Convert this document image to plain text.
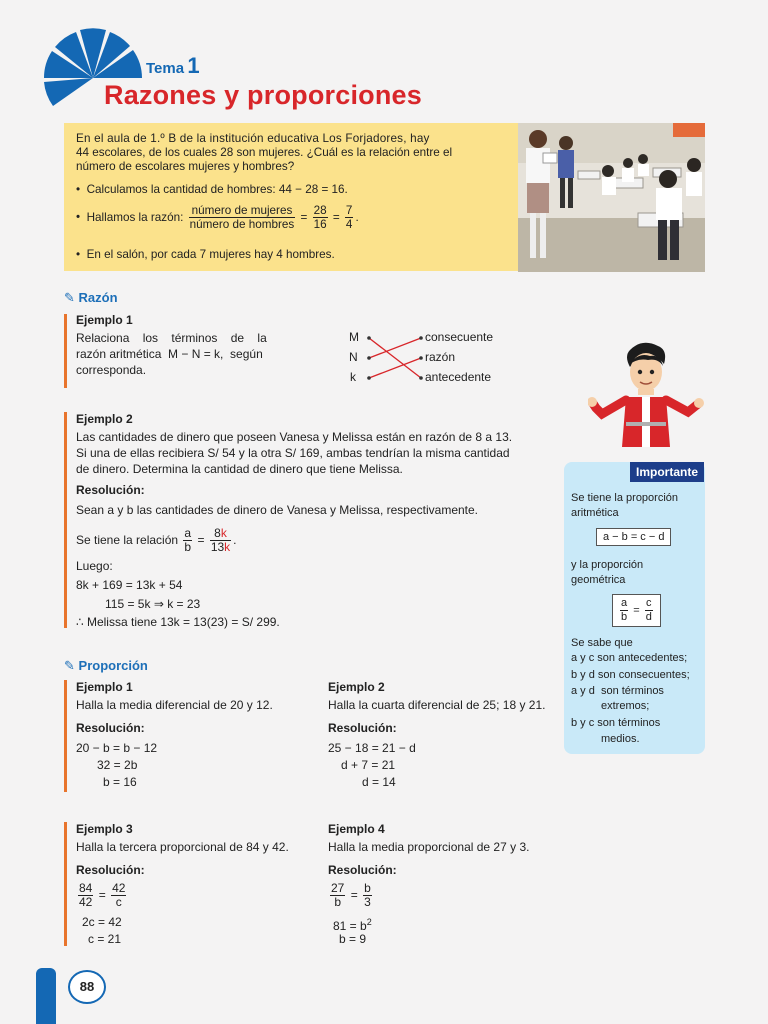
Tema 1
Razones y proporciones
En el aula de 1.º B de la institución educativa Los Forjadores, hay
44 escolares, de los cuales 28 son mujeres. ¿Cuál es la relación entre el
número de escolares mujeres y hombres?
•  Calculamos la cantidad de hombres: 44 − 28 = 16.
•  Hallamos la razón: $\frac{\text{número de mujeres}}{\text{número de hombres}} = \frac{28}{16} = \frac{7}{4}$ .
•  En el salón, por cada 7 mujeres hay 4 hombres.
✎ Razón
Ejemplo 1
Relaciona    los    términos    de    la
razón aritmética  M − N = k,  según
corresponda.
M
N
k
consecuente
razón
antecedente
Ejemplo 2
Las cantidades de dinero que poseen Vanesa y Melissa están en razón de 8 a 13.
Si una de ellas recibiera S/ 54 y la otra S/ 169, ambas tendrían la misma cantidad
de dinero. Determina la cantidad de dinero que tiene Melissa.
Resolución:
Sean a y b las cantidades de dinero de Vanesa y Melissa, respectivamente.
Se tiene la relación $\frac{a}{b} = \frac{8k}{13k}$ .
Luego:
8k + 169 = 13k + 54
115 = 5k ⇒ k = 23
∴ Melissa tiene 13k = 13(23) = S/ 299.
✎ Proporción
Ejemplo 1
Halla la media diferencial de 20 y 12.
Resolución:
20 − b = b − 12
32 = 2b
b = 16
Ejemplo 2
Halla la cuarta diferencial de 25; 18 y 21.
Resolución:
25 − 18 = 21 − d
d + 7 = 21
d = 14
Ejemplo 3
Halla la tercera proporcional de 84 y 42.
Resolución:
$\frac{84}{42} = \frac{42}{c}$
2c = 42
c = 21
Ejemplo 4
Halla la media proporcional de 27 y 3.
Resolución:
$\frac{27}{b} = \frac{b}{3}$
$81 = b^2$
b = 9
Importante
Se tiene la proporción
aritmética
a − b = c − d
y la proporción
geométrica
$\frac{a}{b} = \frac{c}{d}$
Se sabe que
a y c son antecedentes;
b y d son consecuentes;
a y d  son términos
extremos;
b y c son términos
medios.
88
